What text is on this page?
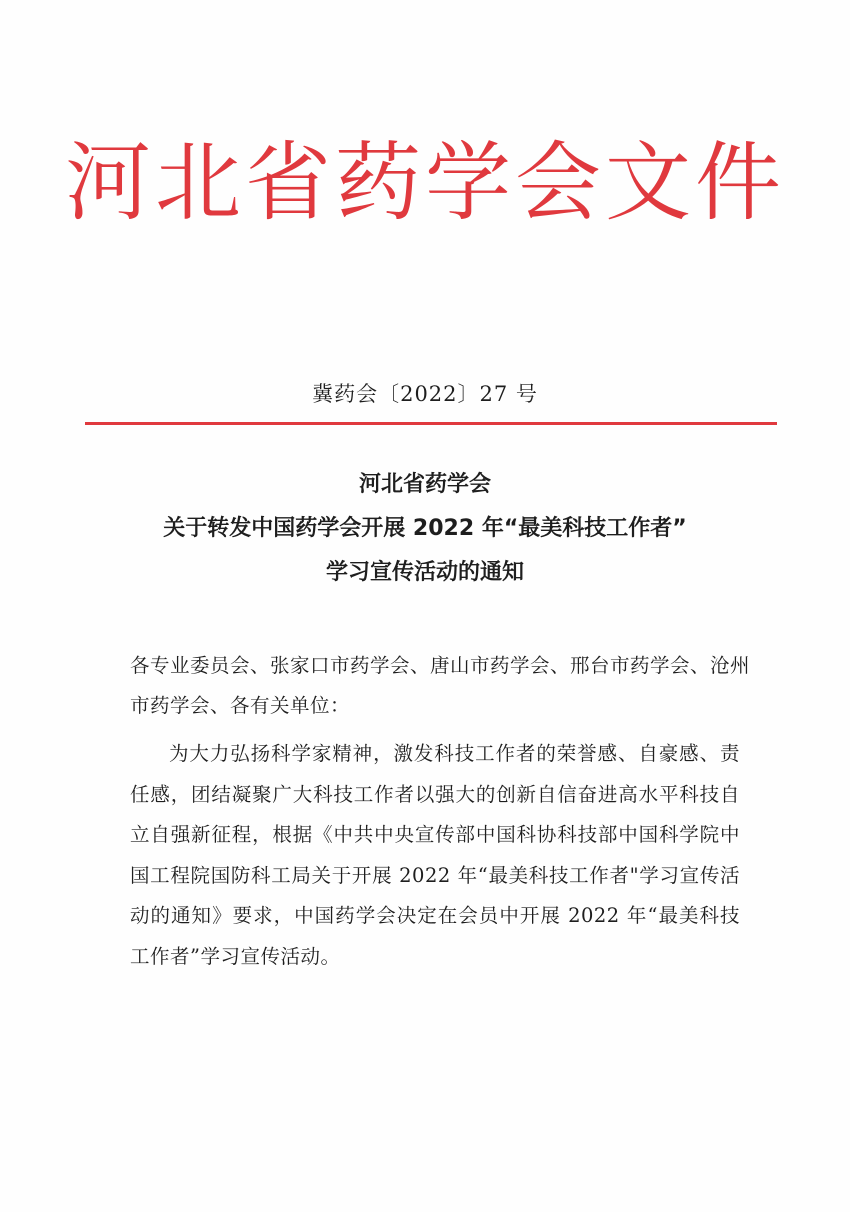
河北省药学会文件
冀药会〔2022〕27 号
河北省药学会
关于转发中国药学会开展 2022 年“最美科技工作者”
学习宣传活动的通知
各专业委员会、张家口市药学会、唐山市药学会、邢台市药学会、沧州市药学会、各有关单位：
为大力弘扬科学家精神，激发科技工作者的荣誉感、自豪感、责任感，团结凝聚广大科技工作者以强大的创新自信奋进高水平科技自立自强新征程，根据《中共中央宣传部中国科协科技部中国科学院中国工程院国防科工局关于开展 2022 年“最美科技工作者"学习宣传活动的通知》要求，中国药学会决定在会员中开展 2022 年“最美科技工作者”学习宣传活动。
